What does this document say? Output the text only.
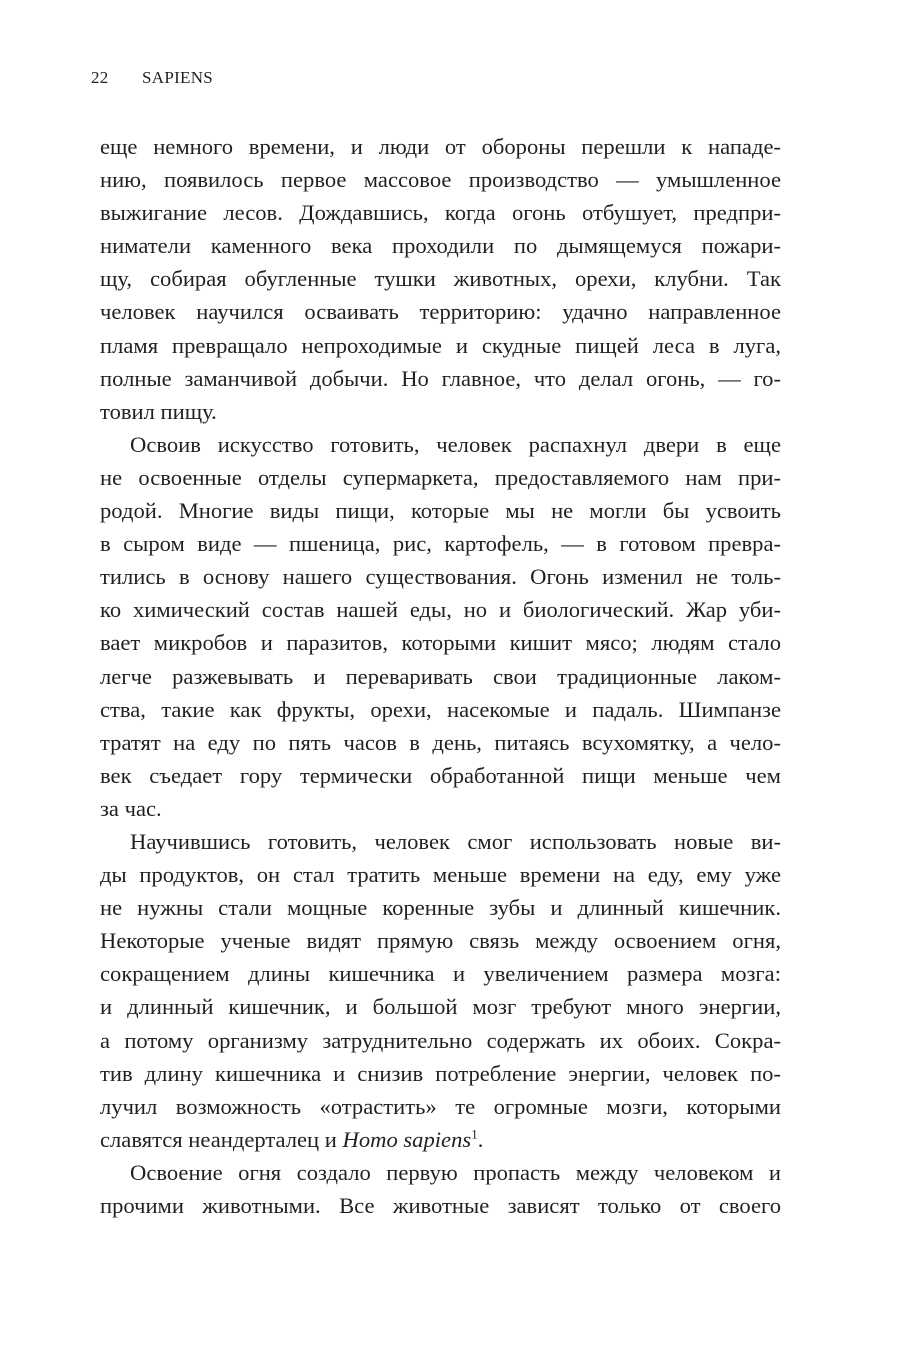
22 SAPIENS
еще немного времени, и люди от обороны перешли к нападе-
нию, появилось первое массовое производство — умышленное
выжигание лесов. Дождавшись, когда огонь отбушует, предпри-
ниматели каменного века проходили по дымящемуся пожари-
щу, собирая обугленные тушки животных, орехи, клубни. Так
человек научился осваивать территорию: удачно направленное
пламя превращало непроходимые и скудные пищей леса в луга,
полные заманчивой добычи. Но главное, что делал огонь, — го-
товил пищу.
Освоив искусство готовить, человек распахнул двери в еще
не освоенные отделы супермаркета, предоставляемого нам при-
родой. Многие виды пищи, которые мы не могли бы усвоить
в сыром виде — пшеница, рис, картофель, — в готовом превра-
тились в основу нашего существования. Огонь изменил не толь-
ко химический состав нашей еды, но и биологический. Жар уби-
вает микробов и паразитов, которыми кишит мясо; людям стало
легче разжевывать и переваривать свои традиционные лаком-
ства, такие как фрукты, орехи, насекомые и падаль. Шимпанзе
тратят на еду по пять часов в день, питаясь всухомятку, а чело-
век съедает гору термически обработанной пищи меньше чем
за час.
Научившись готовить, человек смог использовать новые ви-
ды продуктов, он стал тратить меньше времени на еду, ему уже
не нужны стали мощные коренные зубы и длинный кишечник.
Некоторые ученые видят прямую связь между освоением огня,
сокращением длины кишечника и увеличением размера мозга:
и длинный кишечник, и большой мозг требуют много энергии,
а потому организму затруднительно содержать их обоих. Сокра-
тив длину кишечника и снизив потребление энергии, человек по-
лучил возможность «отрастить» те огромные мозги, которыми
славятся неандерталец и Homo sapiens$^1$.
Освоение огня создало первую пропасть между человеком и
прочими животными. Все животные зависят только от своего
